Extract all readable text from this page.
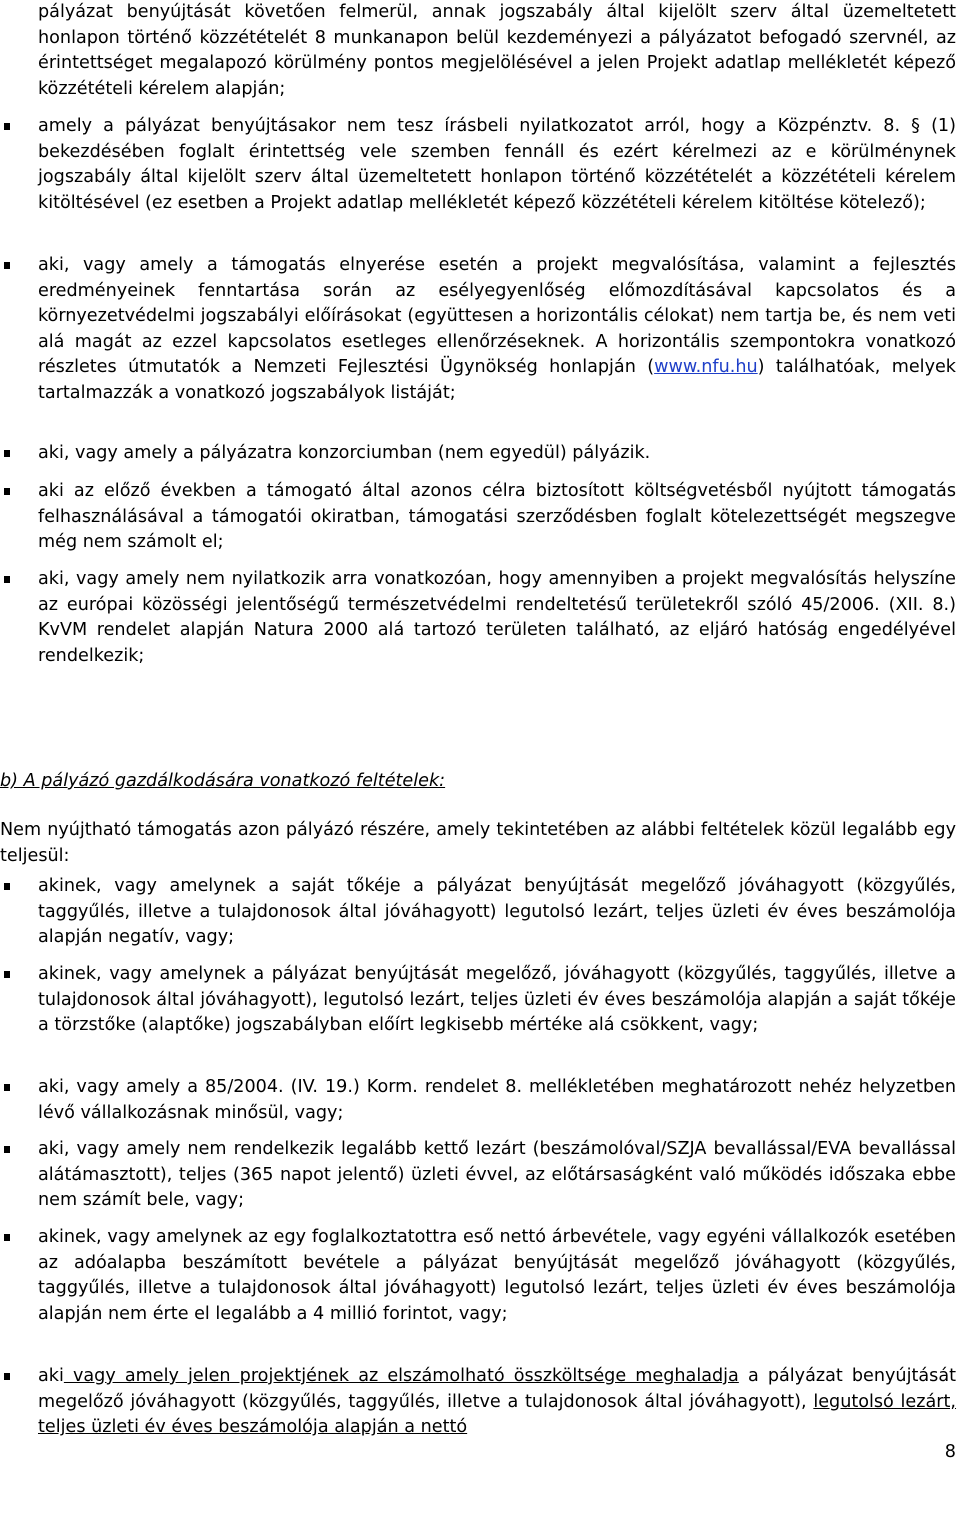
pályázat benyújtását követően felmerül, annak jogszabály által kijelölt szerv által üzemeltetett honlapon történő közzétételét 8 munkanapon belül kezdeményezi a pályázatot befogadó szervnél, az érintettséget megalapozó körülmény pontos megjelölésével a jelen Projekt adatlap mellékletét képező közzétételi kérelem alapján;

amely a pályázat benyújtásakor nem tesz írásbeli nyilatkozatot arról, hogy a Közpénztv. 8. § (1) bekezdésében foglalt érintettség vele szemben fennáll és ezért kérelmezi az e körülménynek jogszabály által kijelölt szerv által üzemeltetett honlapon történő közzétételét a közzétételi kérelem kitöltésével (ez esetben a Projekt adatlap mellékletét képező közzétételi kérelem kitöltése kötelező);

aki, vagy amely a támogatás elnyerése esetén a projekt megvalósítása, valamint a fejlesztés eredményeinek fenntartása során az esélyegyenlőség előmozdításával kapcsolatos és a környezetvédelmi jogszabályi előírásokat (együttesen a horizontális célokat) nem tartja be, és nem veti alá magát az ezzel kapcsolatos esetleges ellenőrzéseknek. A horizontális szempontokra vonatkozó részletes útmutatók a Nemzeti Fejlesztési Ügynökség honlapján (www.nfu.hu) találhatóak, melyek tartalmazzák a vonatkozó jogszabályok listáját;

aki, vagy amely a pályázatra konzorciumban (nem egyedül) pályázik.

aki az előző években a támogató által azonos célra biztosított költségvetésből nyújtott támogatás felhasználásával a támogatói okiratban, támogatási szerződésben foglalt kötelezettségét megszegve még nem számolt el;

aki, vagy amely nem nyilatkozik arra vonatkozóan, hogy amennyiben a projekt megvalósítás helyszíne az európai közösségi jelentőségű természetvédelmi rendeltetésű területekről szóló 45/2006. (XII. 8.) KvVM rendelet alapján Natura 2000 alá tartozó területen található, az eljáró hatóság engedélyével rendelkezik;

b) A pályázó gazdálkodására vonatkozó feltételek:

Nem nyújtható támogatás azon pályázó részére, amely tekintetében az alábbi feltételek közül legalább egy teljesül:

akinek, vagy amelynek a saját tőkéje a pályázat benyújtását megelőző jóváhagyott (közgyűlés, taggyűlés, illetve a tulajdonosok által jóváhagyott) legutolsó lezárt, teljes üzleti év éves beszámolója alapján negatív, vagy;

akinek, vagy amelynek a pályázat benyújtását megelőző, jóváhagyott (közgyűlés, taggyűlés, illetve a tulajdonosok által jóváhagyott), legutolsó lezárt, teljes üzleti év éves beszámolója alapján a saját tőkéje a törzstőke (alaptőke) jogszabályban előírt legkisebb mértéke alá csökkent, vagy;

aki, vagy amely a 85/2004. (IV. 19.) Korm. rendelet 8. mellékletében meghatározott nehéz helyzetben lévő vállalkozásnak minősül, vagy;

aki, vagy amely nem rendelkezik legalább kettő lezárt (beszámolóval/SZJA bevallással/EVA bevallással alátámasztott), teljes (365 napot jelentő) üzleti évvel, az előtársaságként való működés időszaka ebbe nem számít bele, vagy;

akinek, vagy amelynek az egy foglalkoztatottra eső nettó árbevétele, vagy egyéni vállalkozók esetében az adóalapba beszámított bevétele a pályázat benyújtását megelőző jóváhagyott (közgyűlés, taggyűlés, illetve a tulajdonosok által jóváhagyott) legutolsó lezárt, teljes üzleti év éves beszámolója alapján nem érte el legalább a 4 millió forintot, vagy;

aki vagy amely jelen projektjének az elszámolható összköltsége meghaladja a pályázat benyújtását megelőző jóváhagyott (közgyűlés, taggyűlés, illetve a tulajdonosok által jóváhagyott), legutolsó lezárt, teljes üzleti év éves beszámolója alapján a nettó

8
